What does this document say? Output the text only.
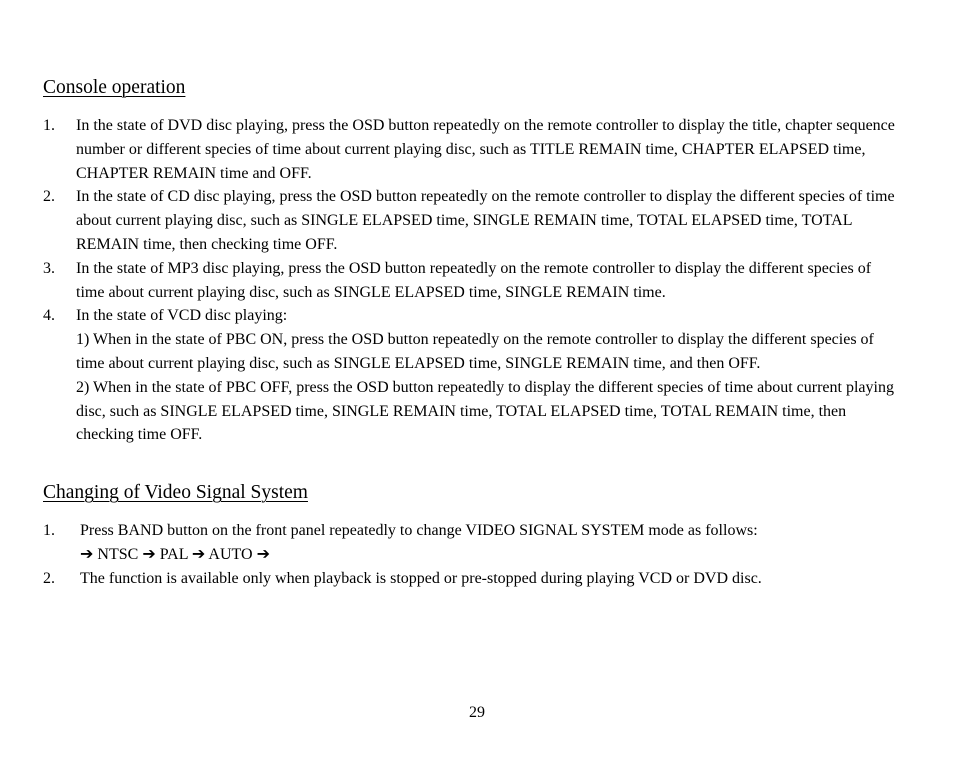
Console operation
1. In the state of DVD disc playing, press the OSD button repeatedly on the remote controller to display the title, chapter sequence number or different species of time about current playing disc, such as TITLE REMAIN time, CHAPTER ELAPSED time, CHAPTER REMAIN time and OFF.
2. In the state of CD disc playing, press the OSD button repeatedly on the remote controller to display the different species of time about current playing disc, such as SINGLE ELAPSED time, SINGLE REMAIN time, TOTAL ELAPSED time, TOTAL REMAIN time, then checking time OFF.
3. In the state of MP3 disc playing, press the OSD button repeatedly on the remote controller to display the different species of time about current playing disc, such as SINGLE ELAPSED time, SINGLE REMAIN time.
4. In the state of VCD disc playing:
1) When in the state of PBC ON, press the OSD button repeatedly on the remote controller to display the different species of time about current playing disc, such as SINGLE ELAPSED time, SINGLE REMAIN time, and then OFF.
2) When in the state of PBC OFF, press the OSD button repeatedly to display the different species of time about current playing disc, such as SINGLE ELAPSED time, SINGLE REMAIN time, TOTAL ELAPSED time, TOTAL REMAIN time, then checking time OFF.
Changing of Video Signal System
1. Press BAND button on the front panel repeatedly to change VIDEO SIGNAL SYSTEM mode as follows:
➔ NTSC ➔ PAL ➔ AUTO ➔
2. The function is available only when playback is stopped or pre-stopped during playing VCD or DVD disc.
29
